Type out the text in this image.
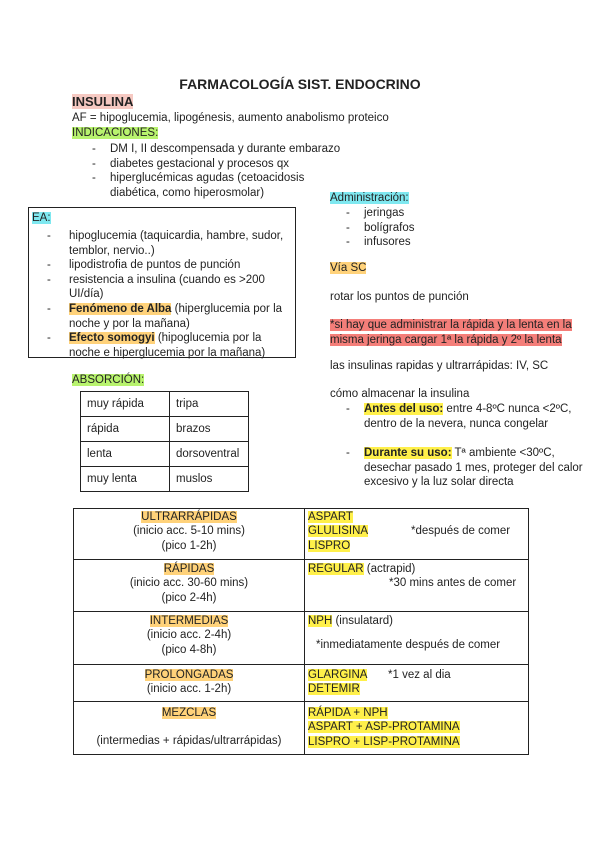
FARMACOLOGÍA SIST. ENDOCRINO
INSULINA
AF = hipoglucemia, lipogénesis, aumento anabolismo proteico
INDICACIONES:
- DM I, II descompensada y durante embarazo
- diabetes gestacional y procesos qx
- hiperglucémicas agudas (cetoacidosis
diabética, como hiperosmolar)
EA:
- hipoglucemia (taquicardia, hambre, sudor, temblor, nervio..)
- lipodistrofia de puntos de punción
- resistencia a insulina (cuando es >200 UI/día)
- Fenómeno de Alba (hiperglucemia por la noche y por la mañana)
- Efecto somogyi (hipoglucemia por la noche e hiperglucemia por la mañana)
Administración:
- jeringas
- bolígrafos
- infusores
Vía SC
rotar los puntos de punción
*si hay que administrar la rápida y la lenta en la
misma jeringa cargar 1ª la rápida y 2º la lenta
las insulinas rapidas y ultrarrápidas: IV, SC
cómo almacenar la insulina
- Antes del uso: entre 4-8ºC nunca <2ºC,
dentro de la nevera, nunca congelar
- Durante su uso: Tª ambiente <30ºC,
desechar pasado 1 mes, proteger del calor
excesivo y la luz solar directa
ABSORCIÓN:
muy rápida	tripa
rápida	brazos
lenta	dorsoventral
muy lenta	muslos
ULTRARRÁPIDAS
(inicio acc. 5-10 mins)
(pico 1-2h)	ASPART
GLULISINA
LISPRO
*después de comer

RÁPIDAS
(inicio acc. 30-60 mins)
(pico 2-4h)	REGULAR (actrapid)
*30 mins antes de comer
INTERMEDIAS
(inicio acc. 2-4h)
(pico 4-8h)	NPH (insulatard)
*inmediatamente después de comer
PROLONGADAS
(inicio acc. 1-2h)	GLARGINA *1 vez al dia
DETEMIR
MEZCLAS
(intermedias + rápidas/ultrarrápidas)	RÁPIDA + NPH
ASPART + ASP-PROTAMINA
LISPRO + LISP-PROTAMINA
